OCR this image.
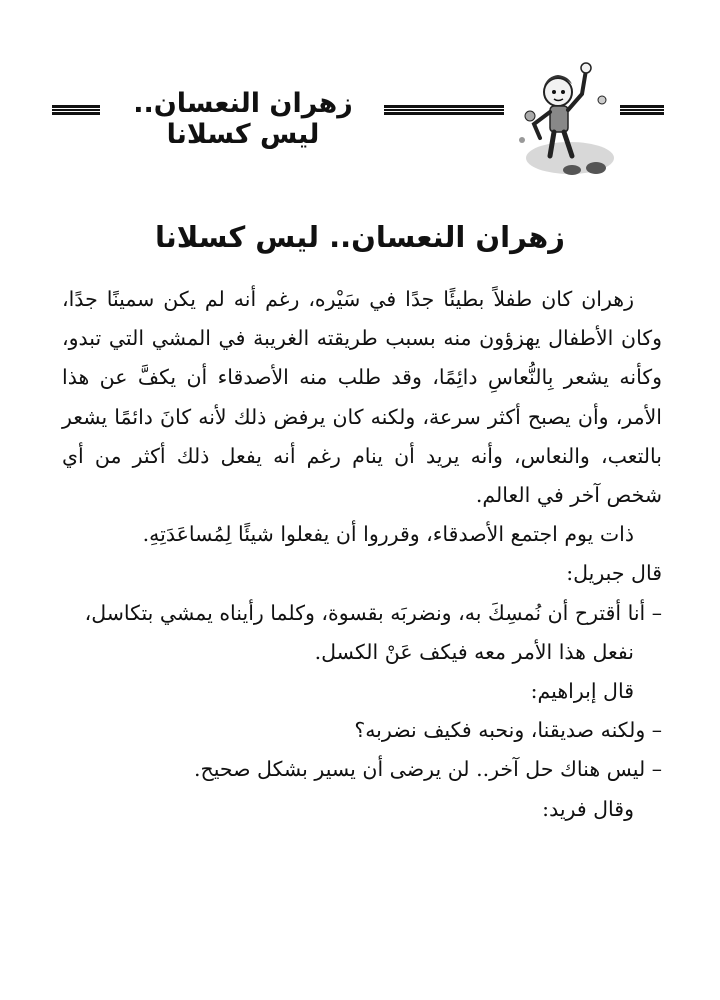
زهران النعسان.. ليس كسلانا
زهران النعسان.. ليس كسلانا

زهران كان طفلاً بطيئًا جدًا في سَيْره، رغم أنه لم يكن سمينًا جدًا، وكان الأطفال يهزؤون منه بسبب طريقته الغريبة في المشي التي تبدو، وكأنه يشعر بِالنُّعاسِ دائِمًا، وقد طلب منه الأصدقاء أن يكفَّ عن هذا الأمر، وأن يصبح أكثر سرعة، ولكنه كان يرفض ذلك لأنه كانَ دائمًا يشعر بالتعب، والنعاس، وأنه يريد أن ينام رغم أنه يفعل ذلك أكثر من أي شخص آخر في العالم.

ذات يوم اجتمع الأصدقاء، وقرروا أن يفعلوا شيئًا لِمُساعَدَتِهِ.

قال جبريل:

– أنا أقترح أن نُمسِكَ به، ونضربَه بقسوة، وكلما رأيناه يمشي بتكاسل،

نفعل هذا الأمر معه فيكف عَنْ الكسل.

قال إبراهيم:

– ولكنه صديقنا، ونحبه فكيف نضربه؟

– ليس هناك حل آخر.. لن يرضى أن يسير بشكل صحيح.

وقال فريد:
